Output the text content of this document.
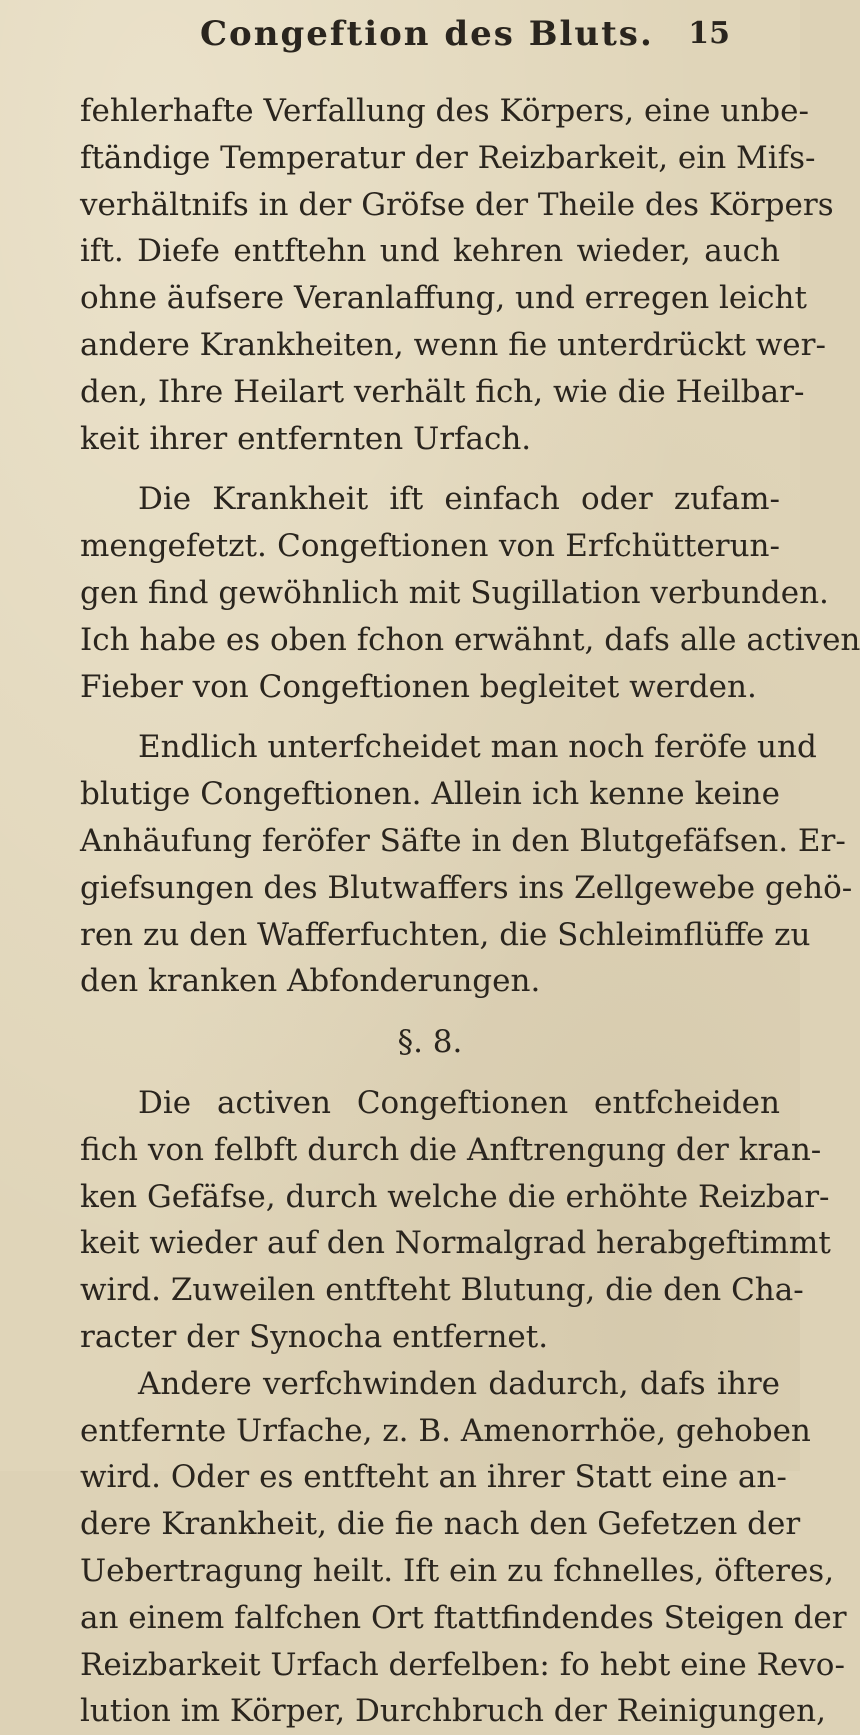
Congeftion des Bluts. 15
fehlerhafte Verfallung des Körpers, eine unbe-
ftändige Temperatur der Reizbarkeit, ein Mifs-
verhältnifs in der Gröfse der Theile des Körpers
ift. Diefe entftehn und kehren wieder, auch
ohne äufsere Veranlaffung, und erregen leicht
andere Krankheiten, wenn fie unterdrückt wer-
den, Ihre Heilart verhält fich, wie die Heilbar-
keit ihrer entfernten Urfach.
Die Krankheit ift einfach oder zufam-
mengefetzt. Congeftionen von Erfchütterun-
gen find gewöhnlich mit Sugillation verbunden.
Ich habe es oben fchon erwähnt, dafs alle activen
Fieber von Congeftionen begleitet werden.
Endlich unterfcheidet man noch feröfe und
blutige Congeftionen. Allein ich kenne keine
Anhäufung feröfer Säfte in den Blutgefäfsen. Er-
giefsungen des Blutwaffers ins Zellgewebe gehö-
ren zu den Wafferfuchten, die Schleimflüffe zu
den kranken Abfonderungen.
§. 8.
Die activen Congeftionen entfcheiden
fich von felbft durch die Anftrengung der kran-
ken Gefäfse, durch welche die erhöhte Reizbar-
keit wieder auf den Normalgrad herabgeftimmt
wird. Zuweilen entfteht Blutung, die den Cha-
racter der Synocha entfernet.
Andere verfchwinden dadurch, dafs ihre
entfernte Urfache, z. B. Amenorrhöe, gehoben
wird. Oder es entfteht an ihrer Statt eine an-
dere Krankheit, die fie nach den Gefetzen der
Uebertragung heilt. Ift ein zu fchnelles, öfteres,
an einem falfchen Ort ftattfindendes Steigen der
Reizbarkeit Urfach derfelben: fo hebt eine Revo-
lution im Körper, Durchbruch der Reinigungen,
